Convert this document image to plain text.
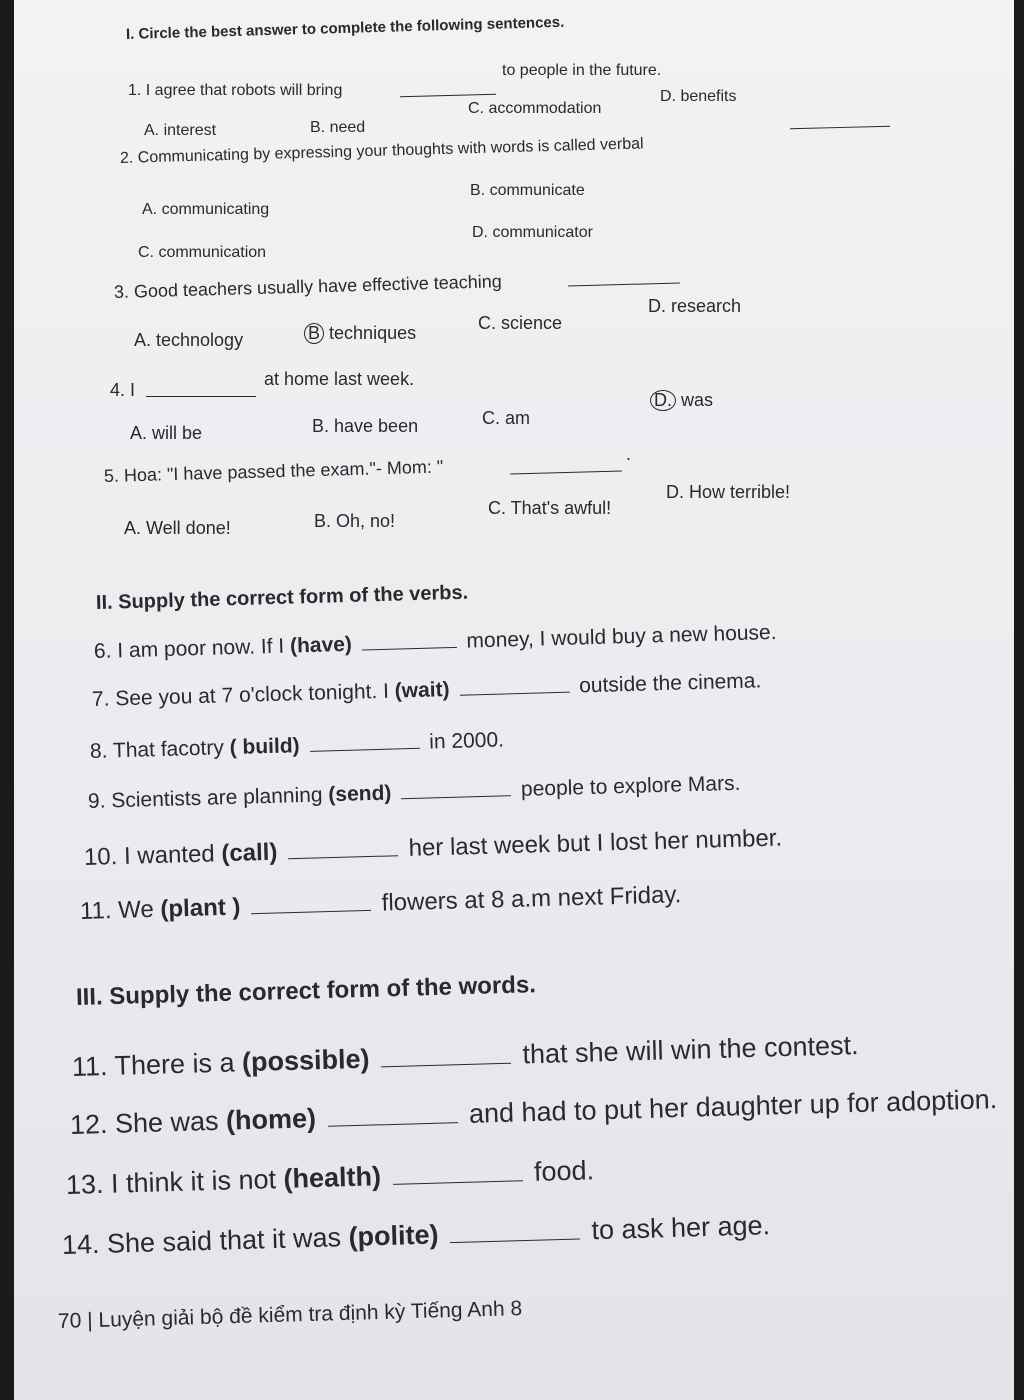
I. Circle the best answer to complete the following sentences.
1. I agree that robots will bring
to people in the future.
A. interest	B. need
C. accommodation
D. benefits
2. Communicating by expressing your thoughts with words is called verbal
A. communicating
B. communicate
C. communication
D. communicator
3. Good teachers usually have effective teaching
A. technology	B techniques	C. science
D. research
4. I
at home last week.
A. will be	B. have been	C. am
D. was
5. Hoa: "I have passed the exam."- Mom: "
.
A. Well done!	B. Oh, no!
C. That's awful!
D. How terrible!
II. Supply the correct form of the verbs.
6. I am poor now. If I (have)	money, I would buy a new house.
7. See you at 7 o'clock tonight. I (wait)	outside the cinema.
8. That facotry ( build)	in 2000.
9. Scientists are planning (send)	people to explore Mars.
10. I wanted (call)	her last week but I lost her number.
11. We (plant )	flowers at 8 a.m next Friday.
III. Supply the correct form of the words.
11. There is a (possible)	that she will win the contest.
12. She was (home)	and had to put her daughter up for adoption.
13. I think it is not (health)	food.
14. She said that it was (polite)	to ask her age.
70 | Luyện giải bộ đề kiểm tra định kỳ Tiếng Anh 8
